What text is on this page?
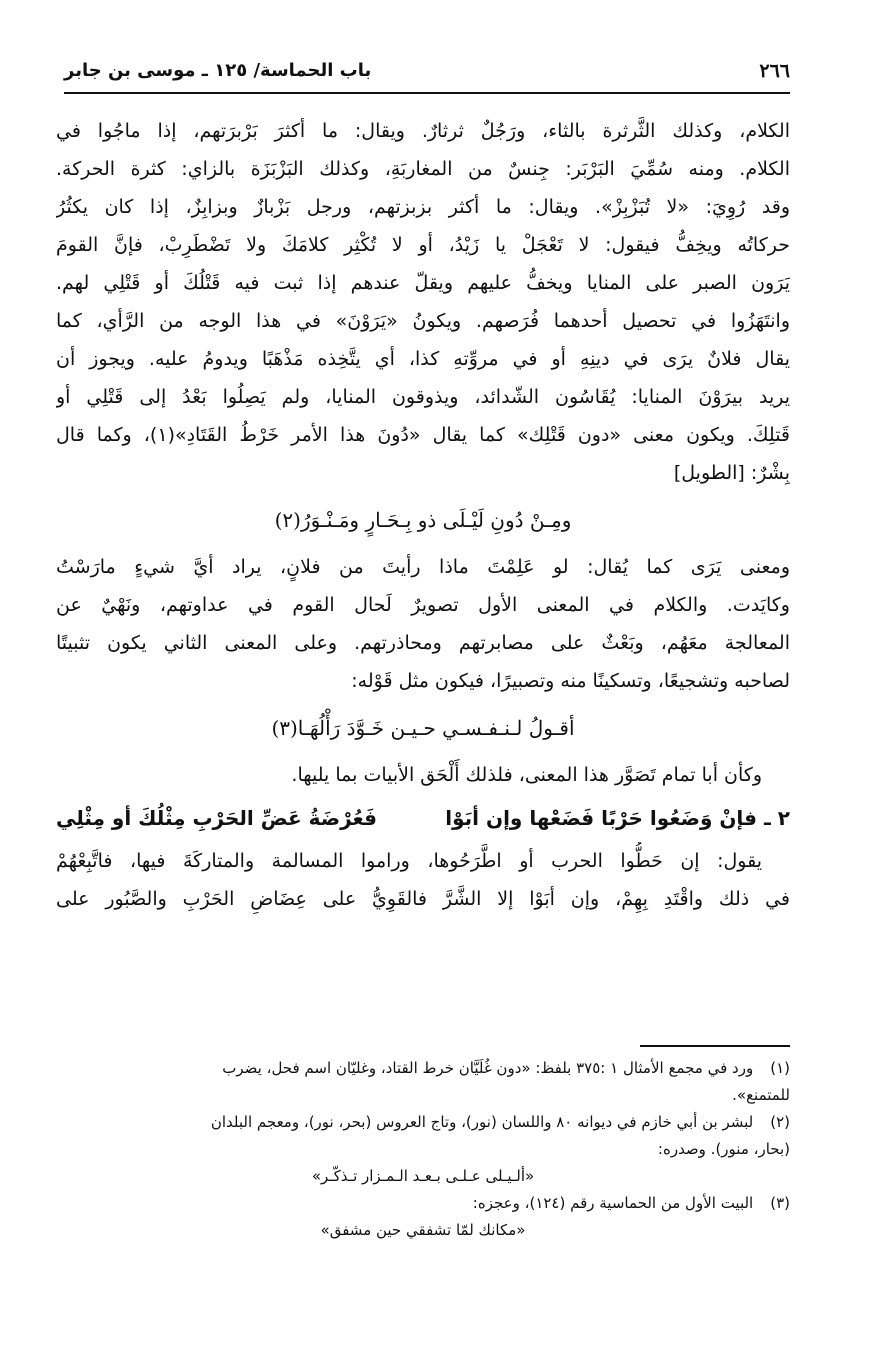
٢٦٦
باب الحماسة/ ١٢٥ ـ موسى بن جابر
الكلام، وكذلك الثَّرثرة بالثاء، ورَجُلٌ ثرثارٌ. ويقال: ما أكثرَ بَرْبرَتهم، إذا ماجُوا في
الكلام. ومنه سُمِّيَ البَرْبَر: جِنسٌ من المغاربَةِ، وكذلك البَزْبَزَة بالزاي: كثرة الحركة.
وقد رُوِيَ: «لا تُبَزْبِزْ». ويقال: ما أكثر بزبزتهم، ورجل بَزْبازٌ وبزابِزٌ، إذا كان يكثُرُ
حركاتُه ويخِفُّ فيقول: لا تَعْجَلْ يا زَيْدُ، أو لا تُكْثِر كلامَكَ ولا تَضْطَرِبْ، فإنَّ القومَ
يَرَون الصبر على المنايا ويخفُّ عليهم ويقلّ عندهم إذا ثبت فيه قَتْلُكَ أو قَتْلِي لهم.
وانتَهَزُوا في تحصيل أحدهما فُرَصهم. ويكونُ «يَرَوْنَ» في هذا الوجه من الرَّأي، كما
يقال فلانٌ يرَى في دينِهِ أو في مروِّتهِ كذا، أي يتَّخِذه مَذْهَبًا ويدومُ عليه. ويجوز أن
يريد بيرَوْنَ المنايا: يُقَاسُون الشّدائد، ويذوقون المنايا، ولم يَصِلُوا بَعْدُ إلى قَتْلِي أو
قَتلِكَ. ويكون معنى «دون قَتْلِك» كما يقال «دُونَ هذا الأمر خَرْطُ القَتَادِ»(١)، وكما قال
بِشْرٌ: [الطويل]
ومِـنْ دُونِ لَيْـلَى ذو بِـحَـارٍ ومَـنْـوَرُ(٢)
ومعنى يَرَى كما يُقال: لو عَلِمْتَ ماذا رأيتَ من فلانٍ، يراد أيَّ شيءٍ مارَسْتُ
وكايَدت. والكلام في المعنى الأول تصويرٌ لَحال القوم في عداوتهم، ونَهْيٌ عن
المعالجة معَهُم، وبَعْثٌ على مصابرتهم ومحاذرتهم. وعلى المعنى الثاني يكون تثبيتًا
لصاحبه وتشجيعًا، وتسكينًا منه وتصبيرًا، فيكون مثل قَوْله:
أقـولُ لـنـفـسـي حـيـن خَـوَّدَ رَأْلُهَـا(٣)
وكأن أبا تمام تَصَوَّر هذا المعنى، فلذلك أَلْحَق الأبيات بما يليها.
٢ ـ فإنْ وَضَعُوا حَرْبًا فَضَعْها وإن أبَوْا
فَعُرْضَةُ عَضِّ الحَرْبِ مِثْلُكَ أو مِثْلِي
يقول: إن حَطُّوا الحرب أو اطَّرَحُوها، وراموا المسالمة والمتاركَةَ فيها، فاتَّبِعْهُمْ
في ذلك واقْتَدِ بِهِمْ، وإن أبَوْا إلا الشَّرَّ فالقَوِيُّ على عِضَاضِ الحَرْبِ والصَّبُور على
(١) ورد في مجمع الأمثال ١ :٣٧٥ بلفظ: «دون غُلَيَّان خرط القتاد، وغليّان اسم فحل، يضرب
للمتمنع».
(٢) لبشر بن أبي خازم في ديوانه ٨٠ واللسان (نور)، وتاج العروس (بحر، نور)، ومعجم البلدان
(بحار، منور). وصدره:
«ألـيـلى عـلـى بـعـد الـمـزار تـذكّـر»
(٣) البيت الأول من الحماسية رقم (١٢٤)، وعجزه:
«مكانك لمّا تشفقي حين مشفق»
